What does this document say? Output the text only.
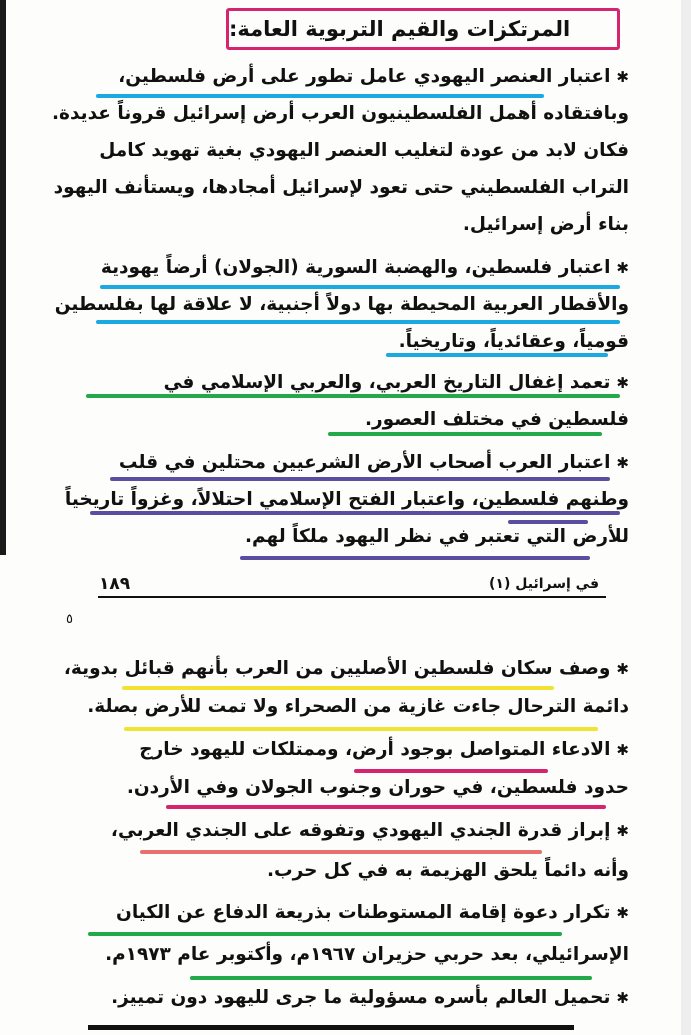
المرتكزات والقيم التربوية العامة:
✱اعتبار العنصر اليهودي عامل تطور على أرض فلسطين،
وبافتقاده أهمل الفلسطينيون العرب أرض إسرائيل قروناً عديدة.
فكان لابد من عودة لتغليب العنصر اليهودي بغية تهويد كامل
التراب الفلسطيني حتى تعود لإسرائيل أمجادها، ويستأنف اليهود
بناء أرض إسرائيل.
✱اعتبار فلسطين، والهضبة السورية (الجولان) أرضاً يهودية
والأقطار العربية المحيطة بها دولاً أجنبية، لا علاقة لها بفلسطين
قومياً، وعقائدياً، وتاريخياً.
✱تعمد إغفال التاريخ العربي، والعربي الإسلامي في
فلسطين في مختلف العصور.
✱اعتبار العرب أصحاب الأرض الشرعيين محتلين في قلب
وطنهم فلسطين، واعتبار الفتح الإسلامي احتلالاً، وغزواً تاريخياً
للأرض التي تعتبر في نظر اليهود ملكاً لهم.
١٨٩	في إسرائيل (١)
٥
✱وصف سكان فلسطين الأصليين من العرب بأنهم قبائل بدوية،
دائمة الترحال جاءت غازية من الصحراء ولا تمت للأرض بصلة.
✱الادعاء المتواصل بوجود أرض، وممتلكات لليهود خارج
حدود فلسطين، في حوران وجنوب الجولان وفي الأردن.
✱إبراز قدرة الجندي اليهودي وتفوقه على الجندي العربي،
وأنه دائماً يلحق الهزيمة به في كل حرب.
✱تكرار دعوة إقامة المستوطنات بذريعة الدفاع عن الكيان
الإسرائيلي، بعد حربي حزيران ١٩٦٧م، وأكتوبر عام ١٩٧٣م.
✱تحميل العالم بأسره مسؤولية ما جرى لليهود دون تمييز.
